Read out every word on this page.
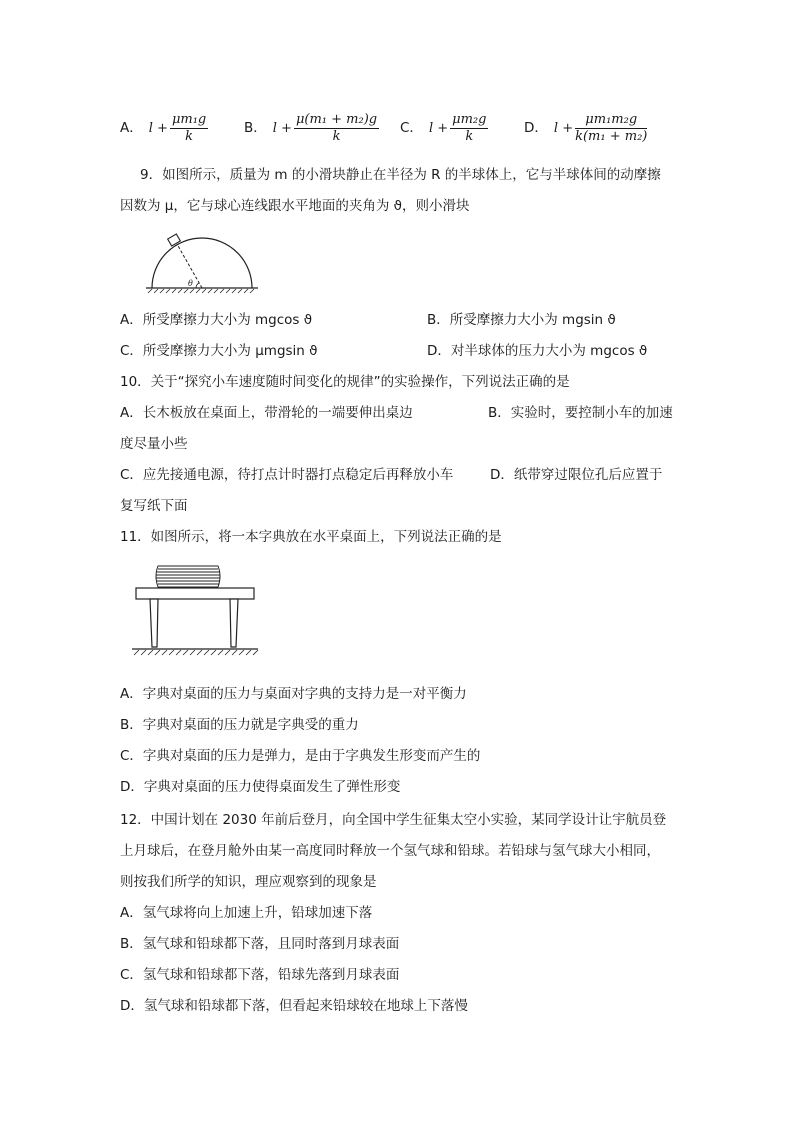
A． $l + \frac{\text{μm₁g}}{k}$	B． $l + \frac{\text{μ(m₁ + m₂)g}}{k}$ C． $l + \frac{\text{μm₂g}}{k}$	D． $l + \frac{\text{μm₁m₂g}}{\text{k(m₁ + m₂)}}$
9．如图所示，质量为 m 的小滑块静止在半径为 R 的半球体上，它与半球体间的动摩擦
因数为 μ，它与球心连线跟水平地面的夹角为 ϑ，则小滑块
θ
A．所受摩擦力大小为 mgcos ϑ	B．所受摩擦力大小为 mgsin ϑ
C．所受摩擦力大小为 μmgsin ϑ	D．对半球体的压力大小为 mgcos ϑ
10．关于“探究小车速度随时间变化的规律”的实验操作，下列说法正确的是
A．长木板放在桌面上，带滑轮的一端要伸出桌边	B．实验时，要控制小车的加速
度尽量小些
C．应先接通电源，待打点计时器打点稳定后再释放小车	D．纸带穿过限位孔后应置于
复写纸下面
11．如图所示，将一本字典放在水平桌面上，下列说法正确的是
A．字典对桌面的压力与桌面对字典的支持力是一对平衡力
B．字典对桌面的压力就是字典受的重力
C．字典对桌面的压力是弹力，是由于字典发生形变而产生的
D．字典对桌面的压力使得桌面发生了弹性形变
12．中国计划在 2030 年前后登月，向全国中学生征集太空小实验，某同学设计让宇航员登
上月球后，在登月舱外由某一高度同时释放一个氢气球和铅球。若铅球与氢气球大小相同，
则按我们所学的知识，理应观察到的现象是
A．氢气球将向上加速上升，铅球加速下落
B．氢气球和铅球都下落，且同时落到月球表面
C．氢气球和铅球都下落，铅球先落到月球表面
D．氢气球和铅球都下落，但看起来铅球较在地球上下落慢
